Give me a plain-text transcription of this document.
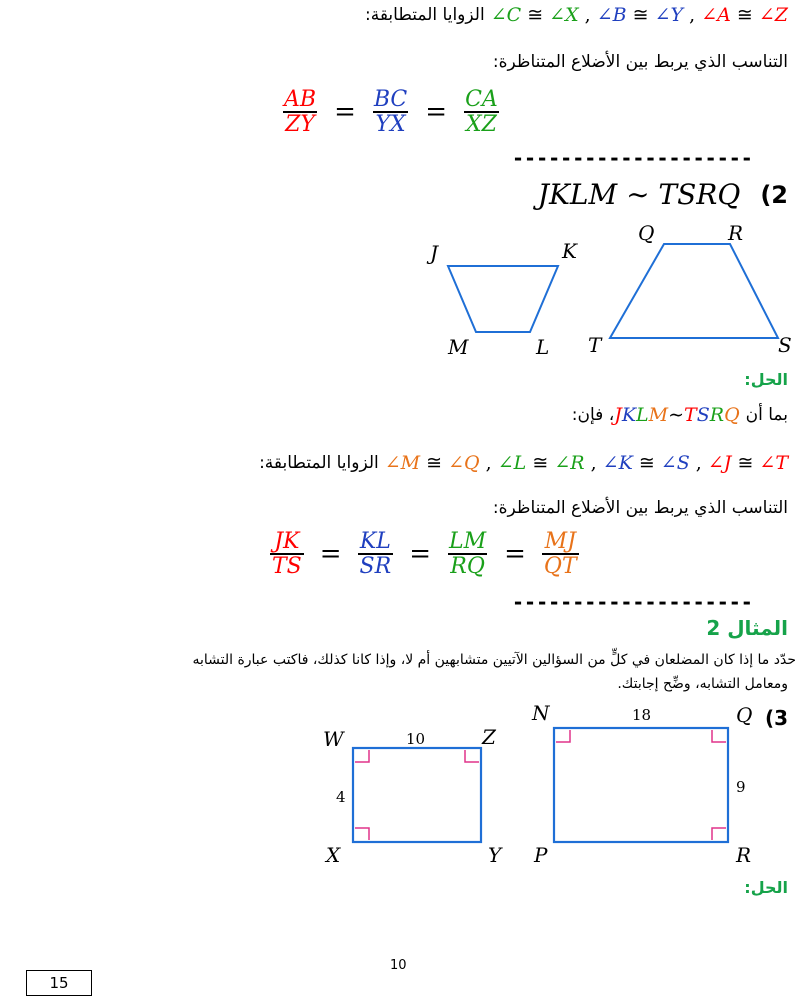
الزوايا المتطابقة: ∠C ≅ ∠X , ∠B ≅ ∠Y , ∠A ≅ ∠Z
التناسب الذي يربط بين الأضلاع المتناظرة:
$\frac{AB}{ZY} = \frac{BC}{YX} = \frac{CA}{XZ}$
--------------------
JKLM ∼ TSRQ (2
J	K
M	L
Q	R
T	S
الحل:
بما أن
JKLM∼TSRQ
، فإن:
الزوايا المتطابقة: ∠M ≅ ∠Q , ∠L ≅ ∠R , ∠K ≅ ∠S , ∠J ≅ ∠T
التناسب الذي يربط بين الأضلاع المتناظرة:
$\frac{JK}{TS} = \frac{KL}{SR} = \frac{LM}{RQ} = \frac{MJ}{QT}$
--------------------
المثال 2
حدّد ما إذا كان المضلعان في كلٍّ من السؤالين الآتيين متشابهين أم لا، وإذا كانا كذلك، فاكتب عبارة التشابه
ومعامل التشابه، وضِّح إجابتك.
(3
W	Z
X	Y
10
4
N	Q
P	R
18
9
الحل:
10
15
